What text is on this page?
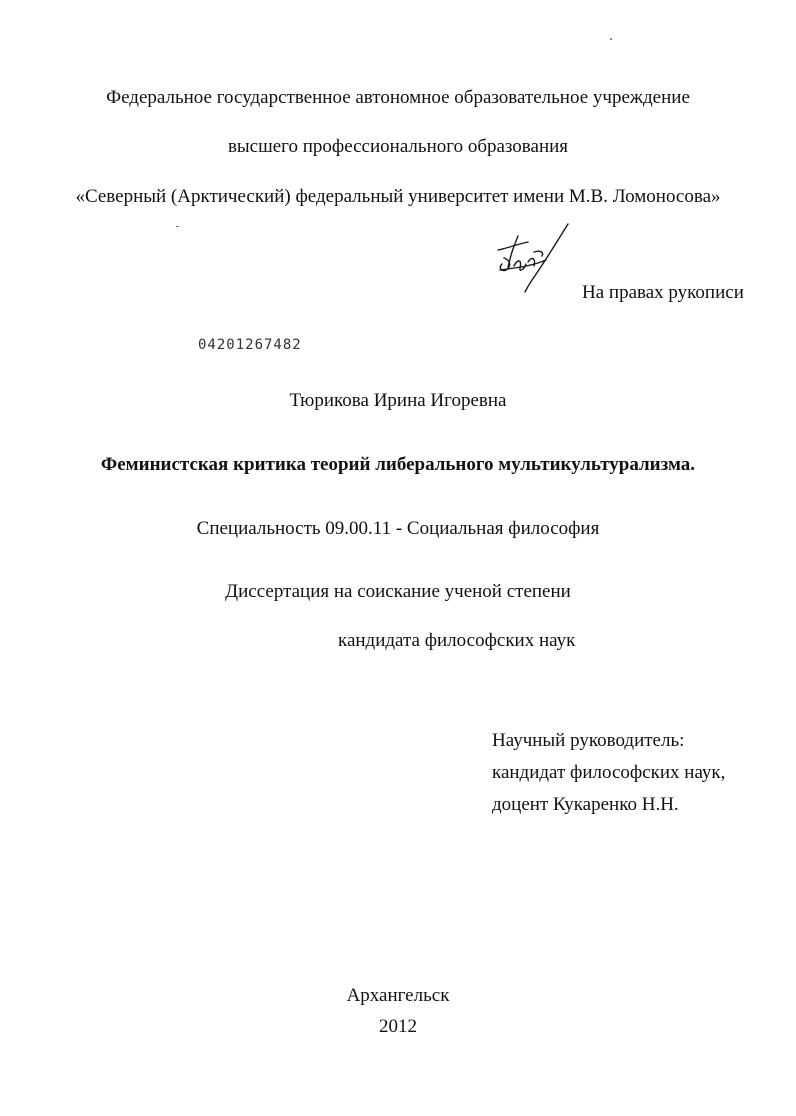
Федеральное государственное автономное образовательное учреждение
высшего профессионального образования
«Северный (Арктический) федеральный университет имени М.В. Ломоносова»
На правах рукописи
04201267482
Тюрикова Ирина Игоревна
Феминистская критика теорий либерального мультикультурализма.
Специальность 09.00.11 - Социальная философия
Диссертация на соискание ученой степени
кандидата философских наук
Научный руководитель:
кандидат философских наук,
доцент Кукаренко Н.Н.
Архангельск
2012
